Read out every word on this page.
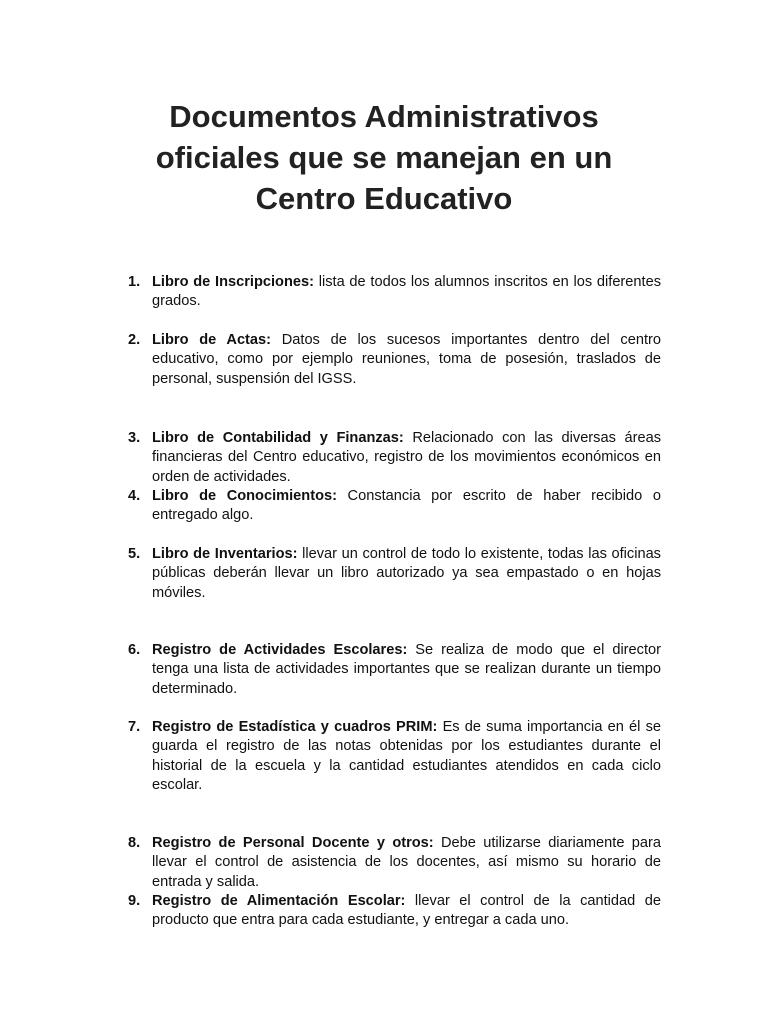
Documentos Administrativos
oficiales que se manejan en un
Centro Educativo
1. Libro de Inscripciones: lista de todos los alumnos inscritos en los diferentes grados.
2. Libro de Actas: Datos de los sucesos importantes dentro del centro educativo, como por ejemplo reuniones, toma de posesión, traslados de personal, suspensión del IGSS.
3. Libro de Contabilidad y Finanzas: Relacionado con las diversas áreas financieras del Centro educativo, registro de los movimientos económicos en orden de actividades.
4. Libro de Conocimientos: Constancia por escrito de haber recibido o entregado algo.
5. Libro de Inventarios: llevar un control de todo lo existente, todas las oficinas públicas deberán llevar un libro autorizado ya sea empastado o en hojas móviles.
6. Registro de Actividades Escolares: Se realiza de modo que el director tenga una lista de actividades importantes que se realizan durante un tiempo determinado.
7. Registro de Estadística y cuadros PRIM: Es de suma importancia en él se guarda el registro de las notas obtenidas por los estudiantes durante el historial de la escuela y la cantidad estudiantes atendidos en cada ciclo escolar.
8. Registro de Personal Docente y otros: Debe utilizarse diariamente para llevar el control de asistencia de los docentes, así mismo su horario de entrada y salida.
9. Registro de Alimentación Escolar: llevar el control de la cantidad de producto que entra para cada estudiante, y entregar a cada uno.
